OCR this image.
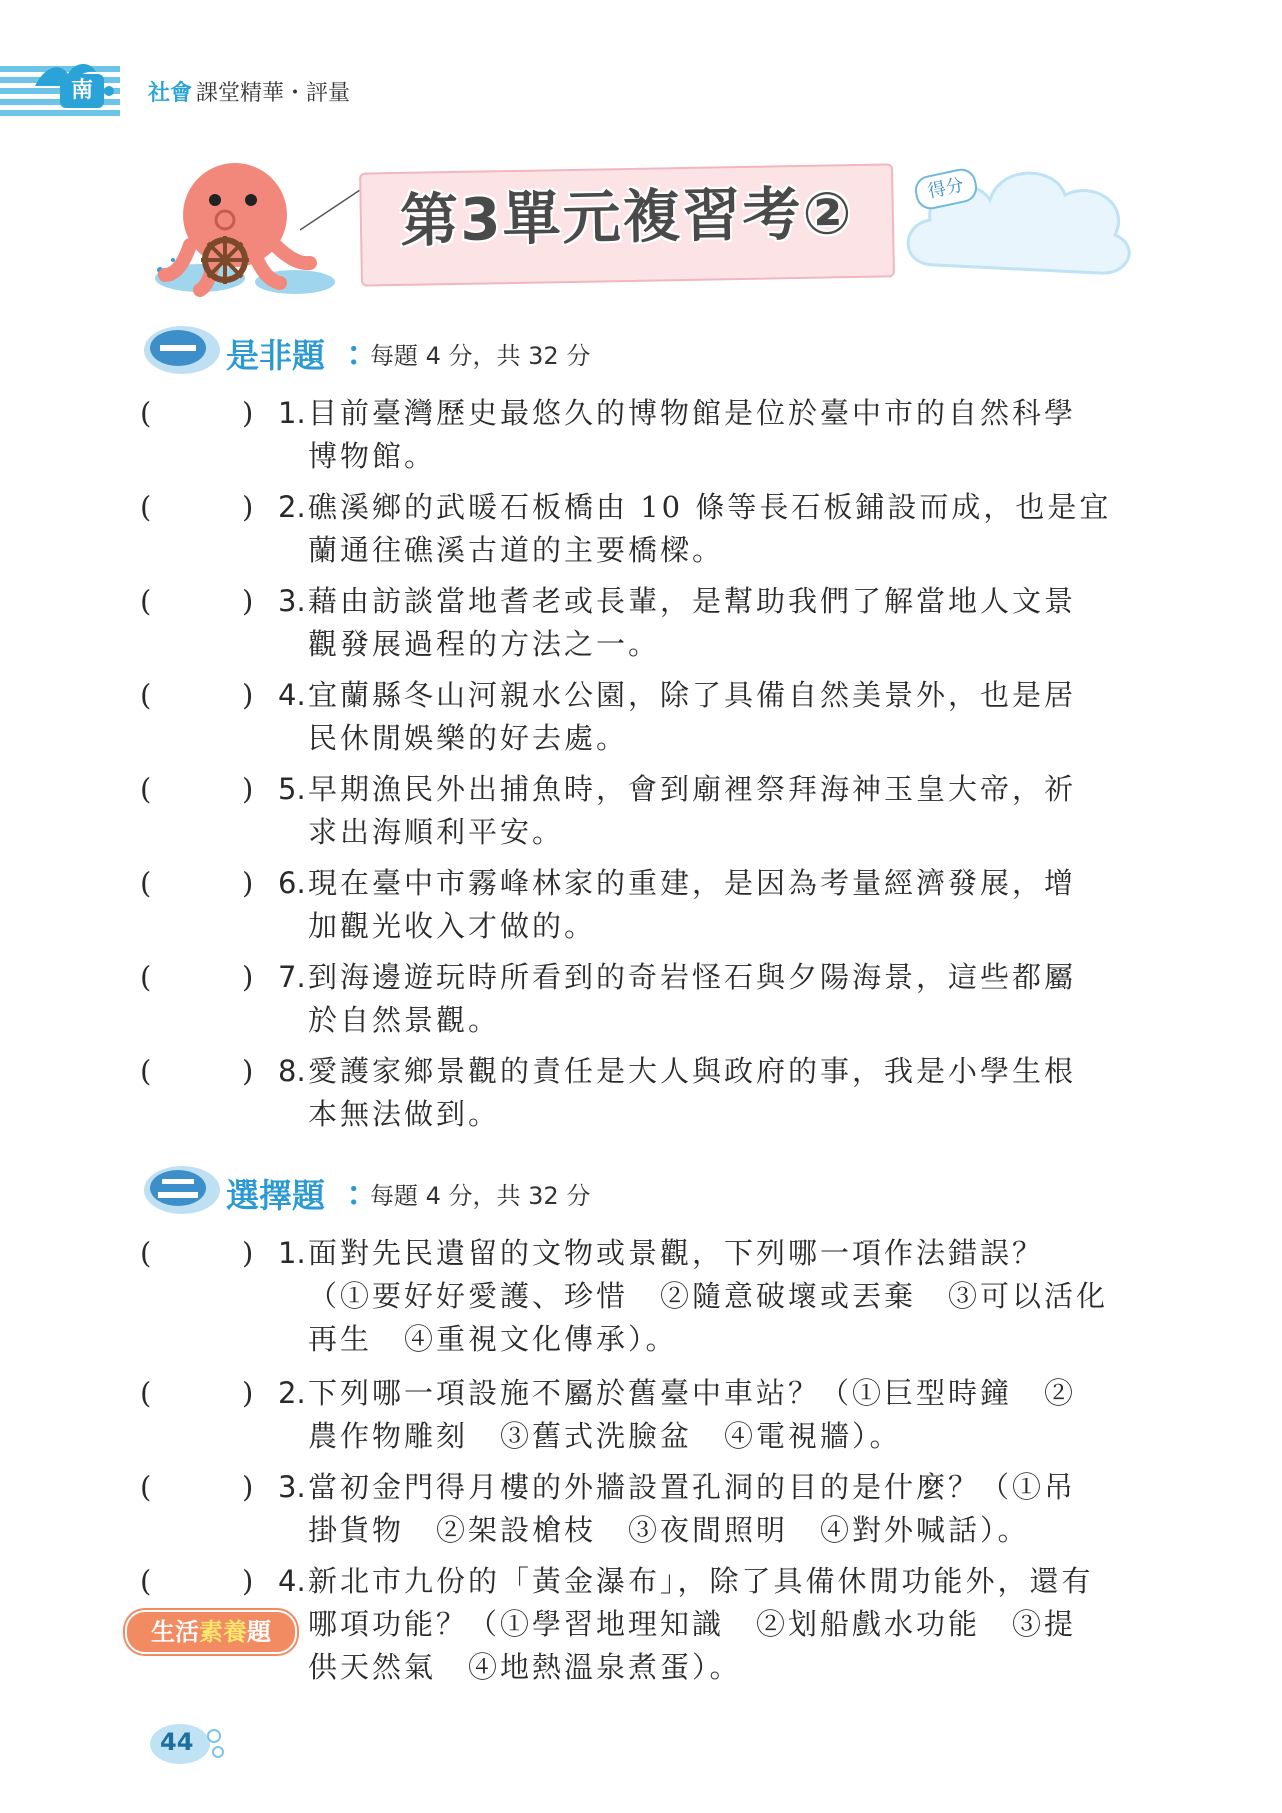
南	社會 課堂精華・評量
第3單元複習考②	得分
是非題 ：
每題 4 分，共 32 分
(	) 1. 目前臺灣歷史最悠久的博物館是位於臺中市的自然科學
博物館。
(	) 2. 礁溪鄉的武暖石板橋由 10 條等長石板鋪設而成，也是宜
蘭通往礁溪古道的主要橋樑。
(	) 3. 藉由訪談當地耆老或長輩，是幫助我們了解當地人文景
觀發展過程的方法之一。
(	) 4. 宜蘭縣冬山河親水公園，除了具備自然美景外，也是居
民休閒娛樂的好去處。
(	) 5. 早期漁民外出捕魚時，會到廟裡祭拜海神玉皇大帝，祈
求出海順利平安。
(	) 6. 現在臺中市霧峰林家的重建，是因為考量經濟發展，增
加觀光收入才做的。
(	) 7. 到海邊遊玩時所看到的奇岩怪石與夕陽海景，這些都屬
於自然景觀。
(	) 8. 愛護家鄉景觀的責任是大人與政府的事，我是小學生根
本無法做到。
選擇題 ：
每題 4 分，共 32 分
(	) 1. 面對先民遺留的文物或景觀，下列哪一項作法錯誤？
（①要好好愛護、珍惜　②隨意破壞或丟棄　③可以活化
再生　④重視文化傳承）。
(	) 2. 下列哪一項設施不屬於舊臺中車站？（①巨型時鐘　②
農作物雕刻　③舊式洗臉盆　④電視牆）。
(	) 3. 當初金門得月樓的外牆設置孔洞的目的是什麼？（①吊
掛貨物　②架設槍枝　③夜間照明　④對外喊話）。
(	) 4. 新北市九份的「黃金瀑布」，除了具備休閒功能外，還有
哪項功能？（①學習地理知識　②划船戲水功能　③提
供天然氣　④地熱溫泉煮蛋）。
生活素養題
44
